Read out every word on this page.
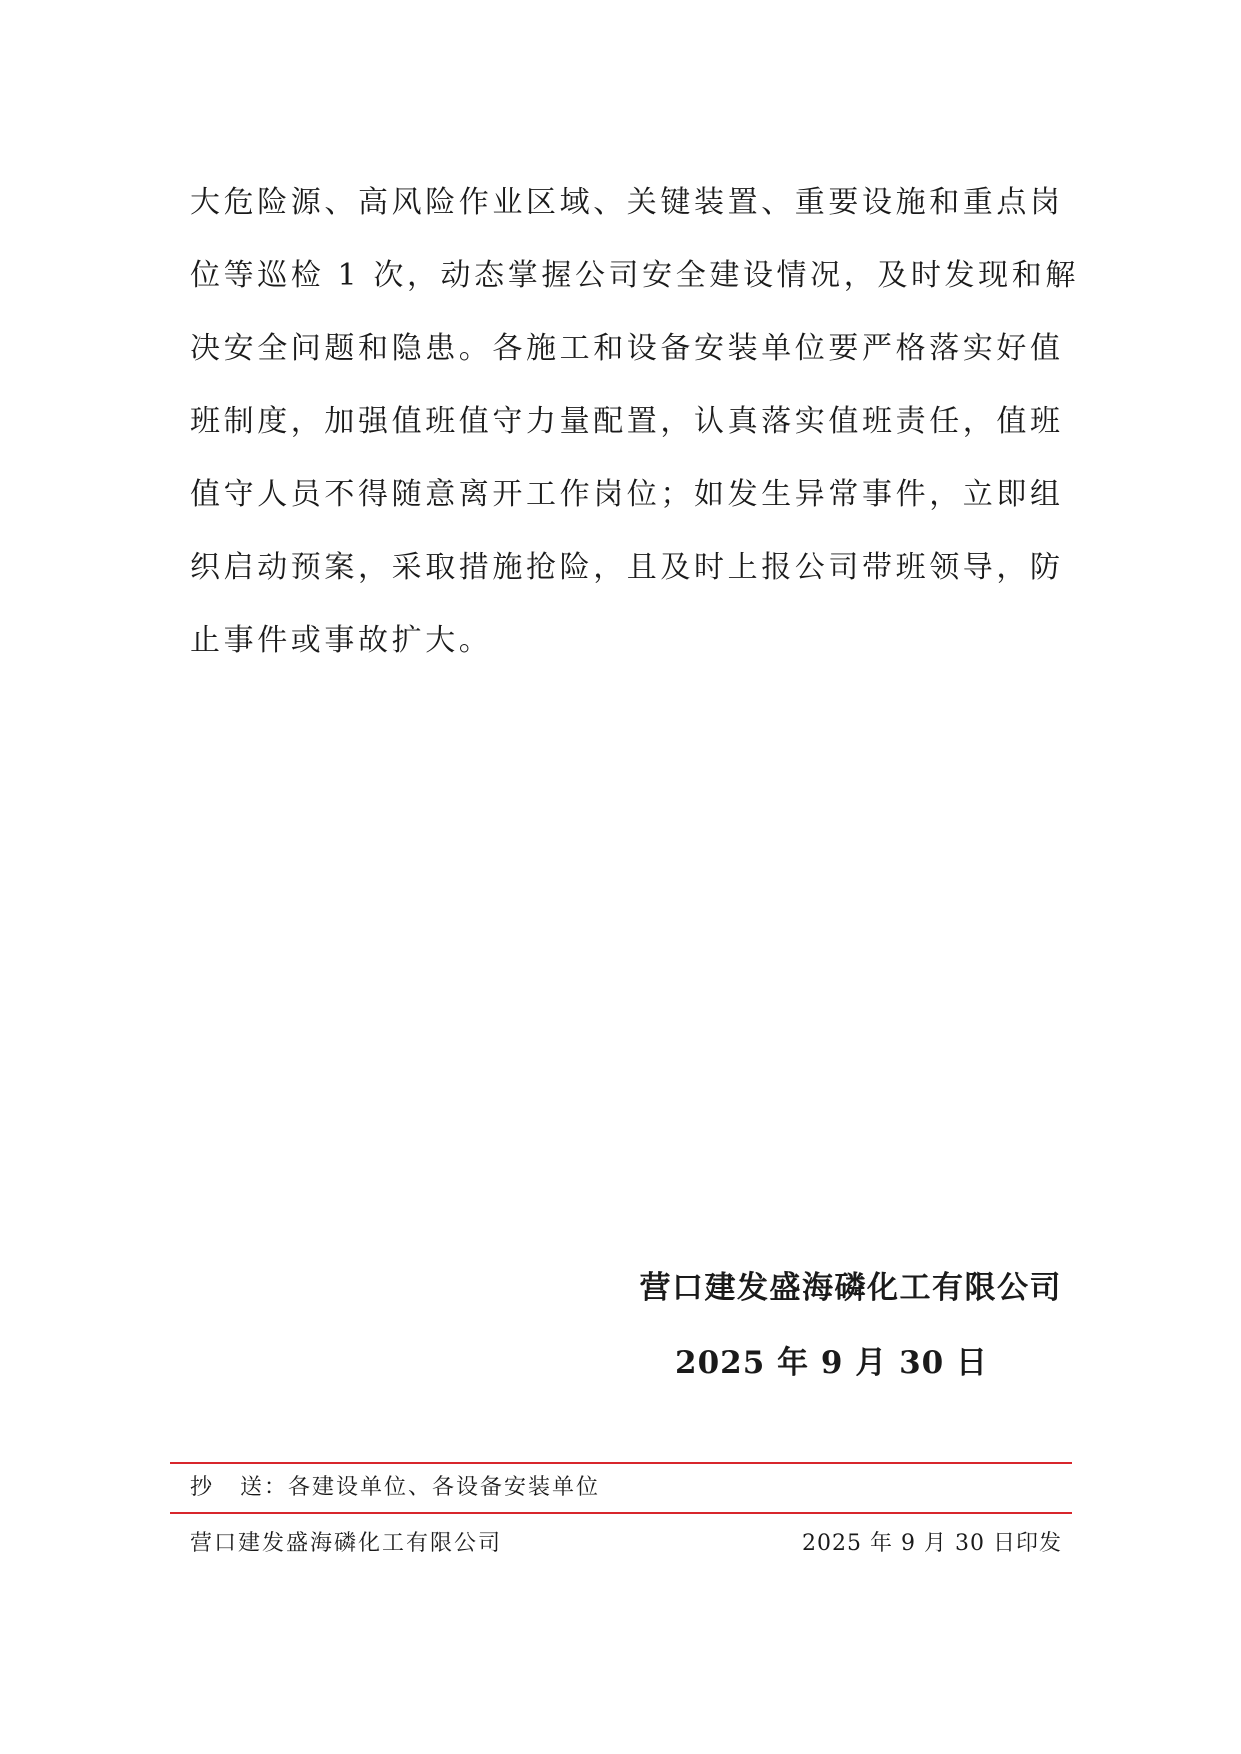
大危险源、高风险作业区域、关键装置、重要设施和重点岗
位等巡检 1 次，动态掌握公司安全建设情况，及时发现和解
决安全问题和隐患。各施工和设备安装单位要严格落实好值
班制度，加强值班值守力量配置，认真落实值班责任，值班
值守人员不得随意离开工作岗位；如发生异常事件，立即组
织启动预案，采取措施抢险，且及时上报公司带班领导，防
止事件或事故扩大。
营口建发盛海磷化工有限公司
2025 年 9 月 30 日
抄 送：各建设单位、各设备安装单位
营口建发盛海磷化工有限公司	2025 年 9 月 30 日印发
